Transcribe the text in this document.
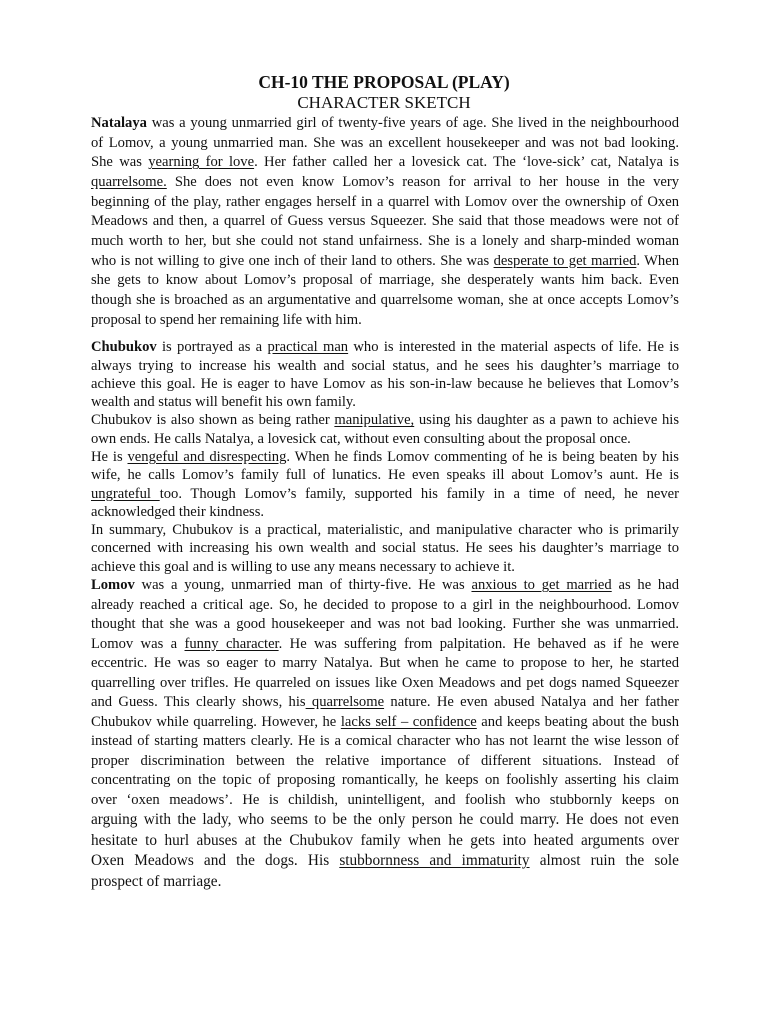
CH-10 THE PROPOSAL (PLAY)
CHARACTER SKETCH

Natalaya was a young unmarried girl of twenty-five years of age. She lived in the neighbourhood
of Lomov, a young unmarried man. She was an excellent housekeeper and was not bad looking.
She was yearning for love. Her father called her a lovesick cat. The ‘love-sick’ cat, Natalya is
quarrelsome. She does not even know Lomov’s reason for arrival to her house in the very
beginning of the play, rather engages herself in a quarrel with Lomov over the ownership of Oxen
Meadows and then, a quarrel of Guess versus Squeezer. She said that those meadows were not of
much worth to her, but she could not stand unfairness. She is a lonely and sharp-minded woman
who is not willing to give one inch of their land to others. She was desperate to get married. When
she gets to know about Lomov’s proposal of marriage, she desperately wants him back. Even
though she is broached as an argumentative and quarrelsome woman, she at once accepts Lomov’s
proposal to spend her remaining life with him.

Chubukov is portrayed as a practical man who is interested in the material aspects of life. He is
always trying to increase his wealth and social status, and he sees his daughter’s marriage to
achieve this goal. He is eager to have Lomov as his son-in-law because he believes that Lomov’s
wealth and status will benefit his own family.

Chubukov is also shown as being rather manipulative, using his daughter as a pawn to achieve his
own ends. He calls Natalya, a lovesick cat, without even consulting about the proposal once.

He is vengeful and disrespecting. When he finds Lomov commenting of he is being beaten by his
wife, he calls Lomov’s family full of lunatics. He even speaks ill about Lomov’s aunt. He is
ungrateful too. Though Lomov’s family, supported his family in a time of need, he never
acknowledged their kindness.

In summary, Chubukov is a practical, materialistic, and manipulative character who is primarily
concerned with increasing his own wealth and social status. He sees his daughter’s marriage to
achieve this goal and is willing to use any means necessary to achieve it.

Lomov was a young, unmarried man of thirty-five. He was anxious to get married as he had
already reached a critical age. So, he decided to propose to a girl in the neighbourhood. Lomov
thought that she was a good housekeeper and was not bad looking. Further she was unmarried.
Lomov was a funny character. He was suffering from palpitation. He behaved as if he were
eccentric. He was so eager to marry Natalya. But when he came to propose to her, he started
quarrelling over trifles. He quarreled on issues like Oxen Meadows and pet dogs named Squeezer
and Guess. This clearly shows, his quarrelsome nature. He even abused Natalya and her father
Chubukov while quarreling. However, he lacks self – confidence and keeps beating about the bush
instead of starting matters clearly. He is a comical character who has not learnt the wise lesson of
proper discrimination between the relative importance of different situations. Instead of
concentrating on the topic of proposing romantically, he keeps on foolishly asserting his claim
over ‘oxen meadows’. He is childish, unintelligent, and foolish who stubbornly keeps on
arguing with the lady, who seems to be the only person he could marry. He does not even
hesitate to hurl abuses at the Chubukov family when he gets into heated arguments over
Oxen Meadows and the dogs. His stubbornness and immaturity almost ruin the sole
prospect of marriage.
